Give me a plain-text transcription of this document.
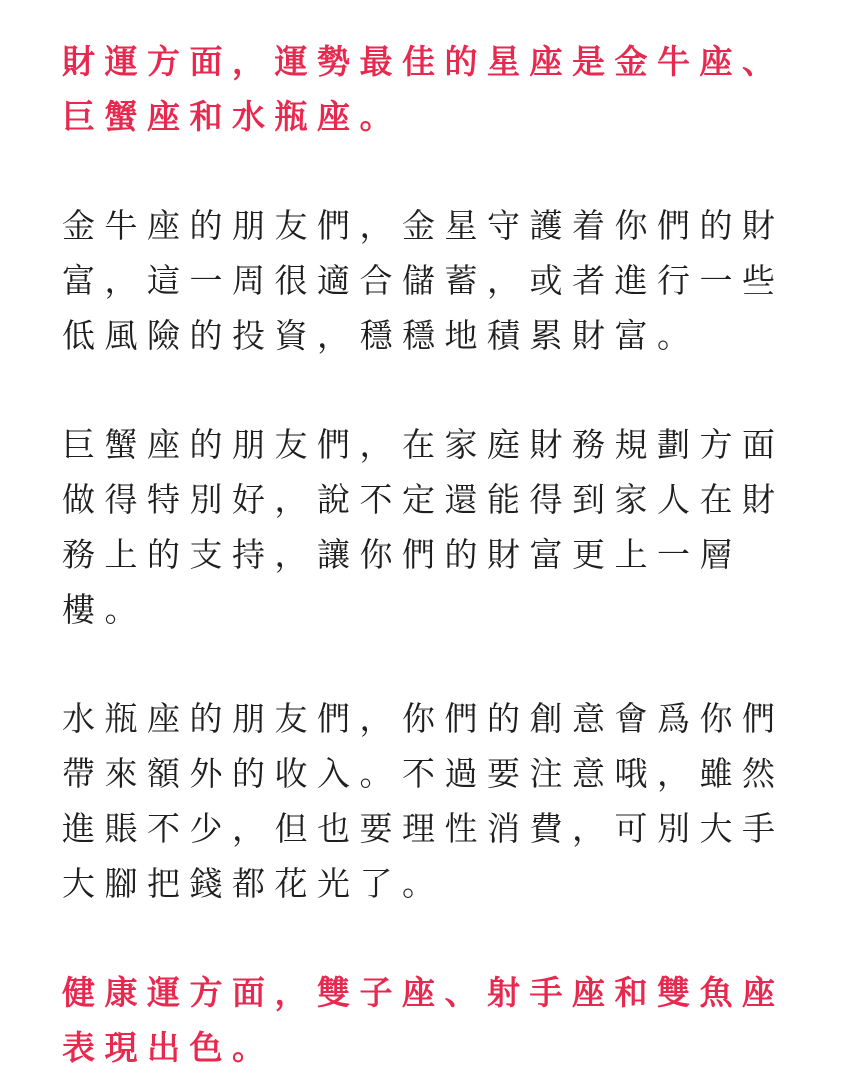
財運方面，運勢最佳的星座是金牛座、巨蟹座和水瓶座。

金牛座的朋友們，金星守護着你們的財富，這一周很適合儲蓄，或者進行一些低風險的投資，穩穩地積累財富。

巨蟹座的朋友們，在家庭財務規劃方面做得特別好，說不定還能得到家人在財務上的支持，讓你們的財富更上一層樓。

水瓶座的朋友們，你們的創意會爲你們帶來額外的收入。不過要注意哦，雖然進賬不少，但也要理性消費，可別大手大腳把錢都花光了。

健康運方面，雙子座、射手座和雙魚座表現出色。
